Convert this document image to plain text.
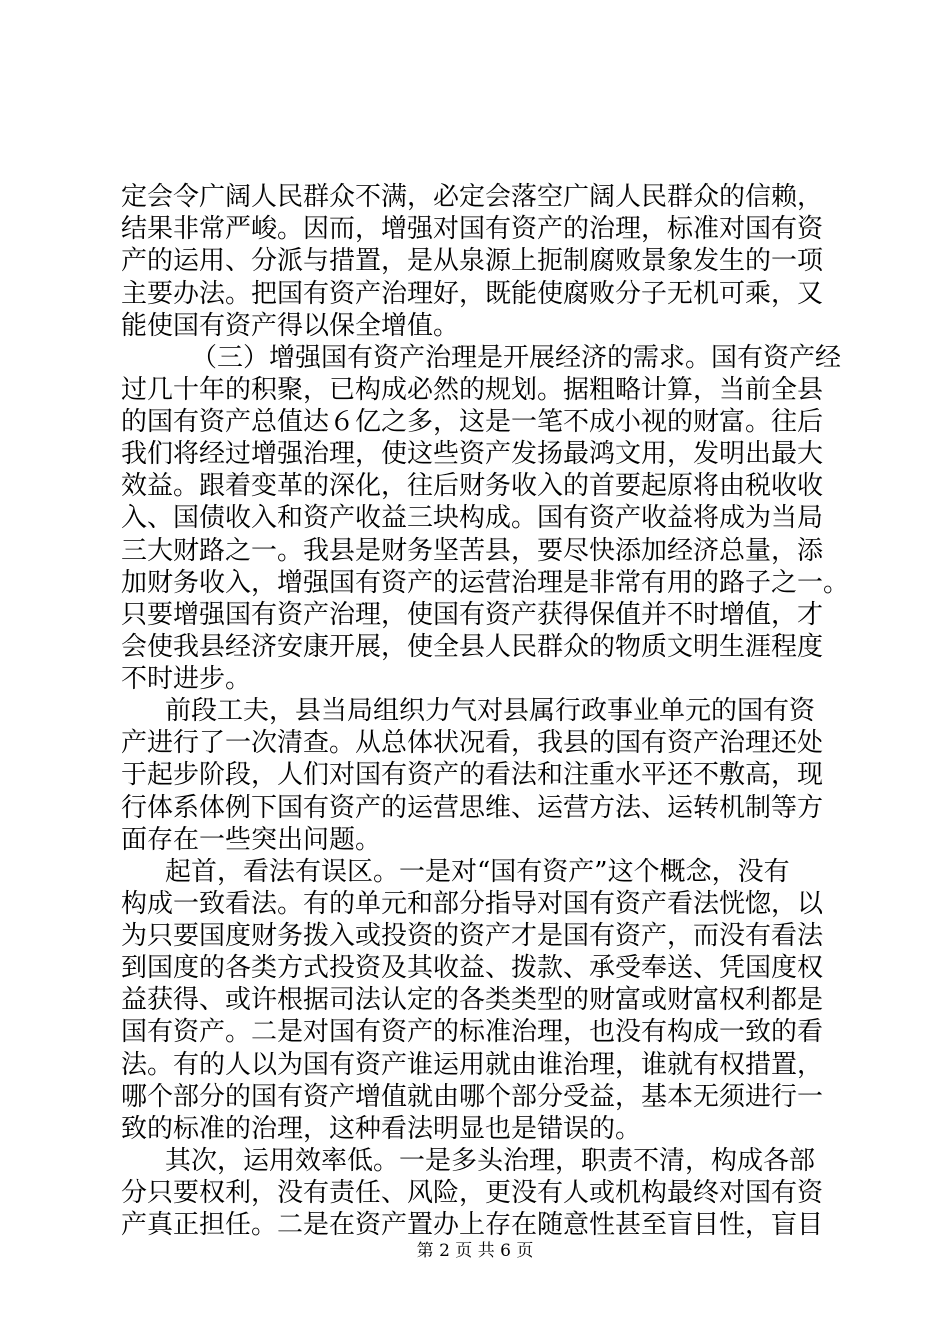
定会令广阔人民群众不满，必定会落空广阔人民群众的信赖，
结果非常严峻。因而，增强对国有资产的治理，标准对国有资
产的运用、分派与措置，是从泉源上扼制腐败景象发生的一项
主要办法。把国有资产治理好，既能使腐败分子无机可乘，又
能使国有资产得以保全增值。
（三）增强国有资产治理是开展经济的需求。国有资产经
过几十年的积聚，已构成必然的规划。据粗略计算，当前全县
的国有资产总值达６亿之多，这是一笔不成小视的财富。往后
我们将经过增强治理，使这些资产发扬最鸿文用，发明出最大
效益。跟着变革的深化，往后财务收入的首要起原将由税收收
入、国债收入和资产收益三块构成。国有资产收益将成为当局
三大财路之一。我县是财务坚苦县，要尽快添加经济总量，添
加财务收入，增强国有资产的运营治理是非常有用的路子之一。
只要增强国有资产治理，使国有资产获得保值并不时增值，才
会使我县经济安康开展，使全县人民群众的物质文明生涯程度
不时进步。
前段工夫，县当局组织力气对县属行政事业单元的国有资
产进行了一次清查。从总体状况看，我县的国有资产治理还处
于起步阶段，人们对国有资产的看法和注重水平还不敷高，现
行体系体例下国有资产的运营思维、运营方法、运转机制等方
面存在一些突出问题。
起首，看法有误区。一是对“国有资产”这个概念，没有
构成一致看法。有的单元和部分指导对国有资产看法恍惚，以
为只要国度财务拨入或投资的资产才是国有资产，而没有看法
到国度的各类方式投资及其收益、拨款、承受奉送、凭国度权
益获得、或许根据司法认定的各类类型的财富或财富权利都是
国有资产。二是对国有资产的标准治理，也没有构成一致的看
法。有的人以为国有资产谁运用就由谁治理，谁就有权措置，
哪个部分的国有资产增值就由哪个部分受益，基本无须进行一
致的标准的治理，这种看法明显也是错误的。
其次，运用效率低。一是多头治理，职责不清，构成各部
分只要权利，没有责任、风险，更没有人或机构最终对国有资
产真正担任。二是在资产置办上存在随意性甚至盲目性，盲目
第 2 页 共 6 页
